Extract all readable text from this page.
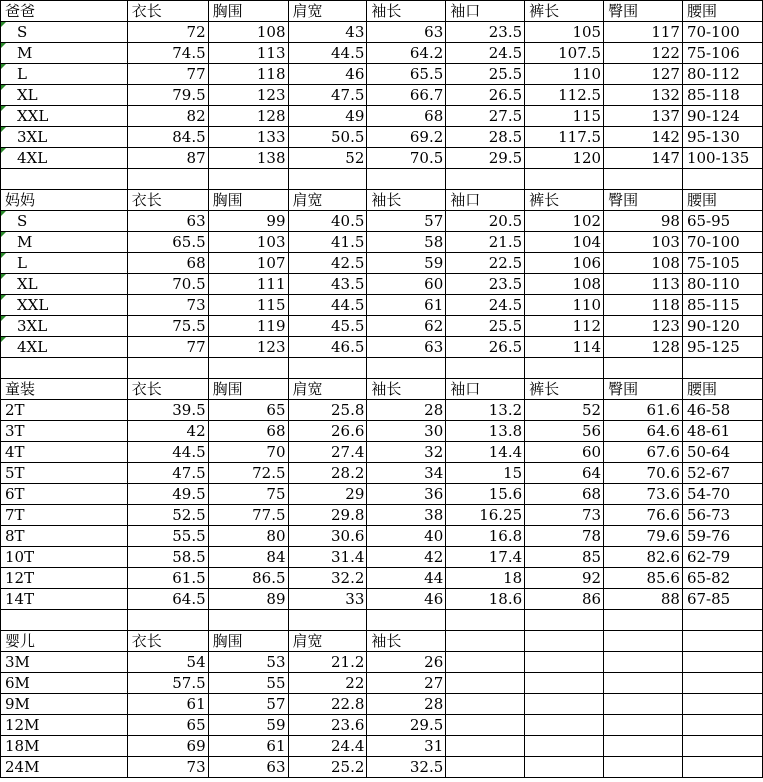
爸爸	衣长	胸围	肩宽	袖长	袖口	裤长	臀围	腰围
S	72	108	43	63	23.5	105	117	70-100
M	74.5	113	44.5	64.2	24.5	107.5	122	75-106
L	77	118	46	65.5	25.5	110	127	80-112
XL	79.5	123	47.5	66.7	26.5	112.5	132	85-118
XXL	82	128	49	68	27.5	115	137	90-124
3XL	84.5	133	50.5	69.2	28.5	117.5	142	95-130
4XL	87	138	52	70.5	29.5	120	147	100-135

妈妈	衣长	胸围	肩宽	袖长	袖口	裤长	臀围	腰围
S	63	99	40.5	57	20.5	102	98	65-95
M	65.5	103	41.5	58	21.5	104	103	70-100
L	68	107	42.5	59	22.5	106	108	75-105
XL	70.5	111	43.5	60	23.5	108	113	80-110
XXL	73	115	44.5	61	24.5	110	118	85-115
3XL	75.5	119	45.5	62	25.5	112	123	90-120
4XL	77	123	46.5	63	26.5	114	128	95-125

童装	衣长	胸围	肩宽	袖长	袖口	裤长	臀围	腰围
2T	39.5	65	25.8	28	13.2	52	61.6	46-58
3T	42	68	26.6	30	13.8	56	64.6	48-61
4T	44.5	70	27.4	32	14.4	60	67.6	50-64
5T	47.5	72.5	28.2	34	15	64	70.6	52-67
6T	49.5	75	29	36	15.6	68	73.6	54-70
7T	52.5	77.5	29.8	38	16.25	73	76.6	56-73
8T	55.5	80	30.6	40	16.8	78	79.6	59-76
10T	58.5	84	31.4	42	17.4	85	82.6	62-79
12T	61.5	86.5	32.2	44	18	92	85.6	65-82
14T	64.5	89	33	46	18.6	86	88	67-85

婴儿	衣长	胸围	肩宽	袖长				
3M	54	53	21.2	26				
6M	57.5	55	22	27				
9M	61	57	22.8	28				
12M	65	59	23.6	29.5				
18M	69	61	24.4	31				
24M	73	63	25.2	32.5				
